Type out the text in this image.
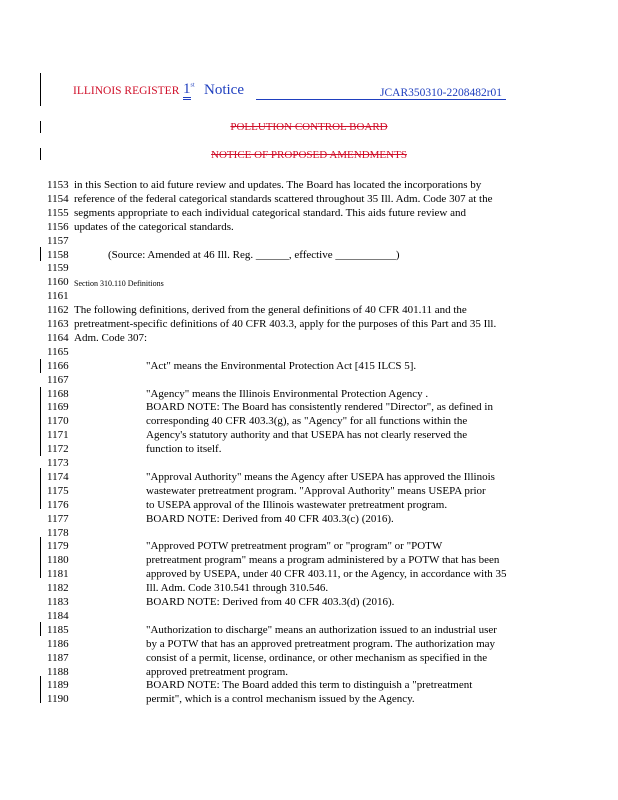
ILLINOIS REGISTER 1st Notice	JCAR350310-2208482r01
POLLUTION CONTROL BOARD
NOTICE OF PROPOSED AMENDMENTS
1153 in this Section to aid future review and updates. The Board has located the incorporations by
1154 reference of the federal categorical standards scattered throughout 35 Ill. Adm. Code 307 at the
1155 segments appropriate to each individual categorical standard. This aids future review and
1156 updates of the categorical standards.
1157
1158	(Source: Amended at 46 Ill. Reg. ______, effective ___________)
1159
1160 Section 310.110 Definitions
1161
1162 The following definitions, derived from the general definitions of 40 CFR 401.11 and the
1163 pretreatment-specific definitions of 40 CFR 403.3, apply for the purposes of this Part and 35 Ill.
1164 Adm. Code 307:
1165
1166	"Act" means the Environmental Protection Act [415 ILCS 5].
1167
1168	"Agency" means the Illinois Environmental Protection Agency .
1169	BOARD NOTE: The Board has consistently rendered "Director", as defined in
1170	corresponding 40 CFR 403.3(g), as "Agency" for all functions within the
1171	Agency's statutory authority and that USEPA has not clearly reserved the
1172	function to itself.
1173
1174	"Approval Authority" means the Agency after USEPA has approved the Illinois
1175	wastewater pretreatment program. "Approval Authority" means USEPA prior
1176	to USEPA approval of the Illinois wastewater pretreatment program.
1177	BOARD NOTE: Derived from 40 CFR 403.3(c) (2016).
1178
1179	"Approved POTW pretreatment program" or "program" or "POTW
1180	pretreatment program" means a program administered by a POTW that has been
1181	approved by USEPA, under 40 CFR 403.11, or the Agency, in accordance with 35
1182	Ill. Adm. Code 310.541 through 310.546.
1183	BOARD NOTE: Derived from 40 CFR 403.3(d) (2016).
1184
1185	"Authorization to discharge" means an authorization issued to an industrial user
1186	by a POTW that has an approved pretreatment program. The authorization may
1187	consist of a permit, license, ordinance, or other mechanism as specified in the
1188	approved pretreatment program.
1189	BOARD NOTE: The Board added this term to distinguish a "pretreatment
1190	permit", which is a control mechanism issued by the Agency.
